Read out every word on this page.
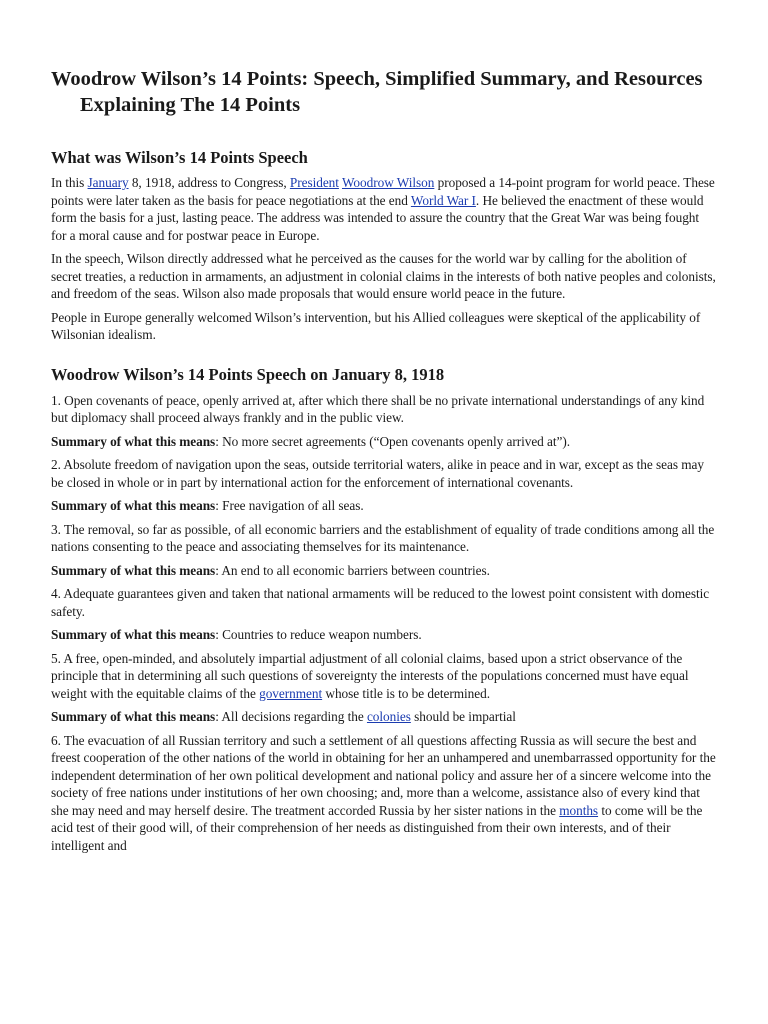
Woodrow Wilson’s 14 Points: Speech, Simplified Summary, and Resources Explaining The 14 Points
What was Wilson’s 14 Points Speech

In this January 8, 1918, address to Congress, President Woodrow Wilson proposed a 14-point program for world peace. These points were later taken as the basis for peace negotiations at the end World War I. He believed the enactment of these would form the basis for a just, lasting peace. The address was intended to assure the country that the Great War was being fought for a moral cause and for postwar peace in Europe.

In the speech, Wilson directly addressed what he perceived as the causes for the world war by calling for the abolition of secret treaties, a reduction in armaments, an adjustment in colonial claims in the interests of both native peoples and colonists, and freedom of the seas. Wilson also made proposals that would ensure world peace in the future.

People in Europe generally welcomed Wilson’s intervention, but his Allied colleagues were skeptical of the applicability of Wilsonian idealism.

Woodrow Wilson’s 14 Points Speech on January 8, 1918

1. Open covenants of peace, openly arrived at, after which there shall be no private international understandings of any kind but diplomacy shall proceed always frankly and in the public view.

Summary of what this means: No more secret agreements (“Open covenants openly arrived at”).

2. Absolute freedom of navigation upon the seas, outside territorial waters, alike in peace and in war, except as the seas may be closed in whole or in part by international action for the enforcement of international covenants.

Summary of what this means: Free navigation of all seas.

3. The removal, so far as possible, of all economic barriers and the establishment of equality of trade conditions among all the nations consenting to the peace and associating themselves for its maintenance.

Summary of what this means: An end to all economic barriers between countries.

4. Adequate guarantees given and taken that national armaments will be reduced to the lowest point consistent with domestic safety.

Summary of what this means: Countries to reduce weapon numbers.

5. A free, open-minded, and absolutely impartial adjustment of all colonial claims, based upon a strict observance of the principle that in determining all such questions of sovereignty the interests of the populations concerned must have equal weight with the equitable claims of the government whose title is to be determined.

Summary of what this means: All decisions regarding the colonies should be impartial

6. The evacuation of all Russian territory and such a settlement of all questions affecting Russia as will secure the best and freest cooperation of the other nations of the world in obtaining for her an unhampered and unembarrassed opportunity for the independent determination of her own political development and national policy and assure her of a sincere welcome into the society of free nations under institutions of her own choosing; and, more than a welcome, assistance also of every kind that she may need and may herself desire. The treatment accorded Russia by her sister nations in the months to come will be the acid test of their good will, of their comprehension of her needs as distinguished from their own interests, and of their intelligent and
